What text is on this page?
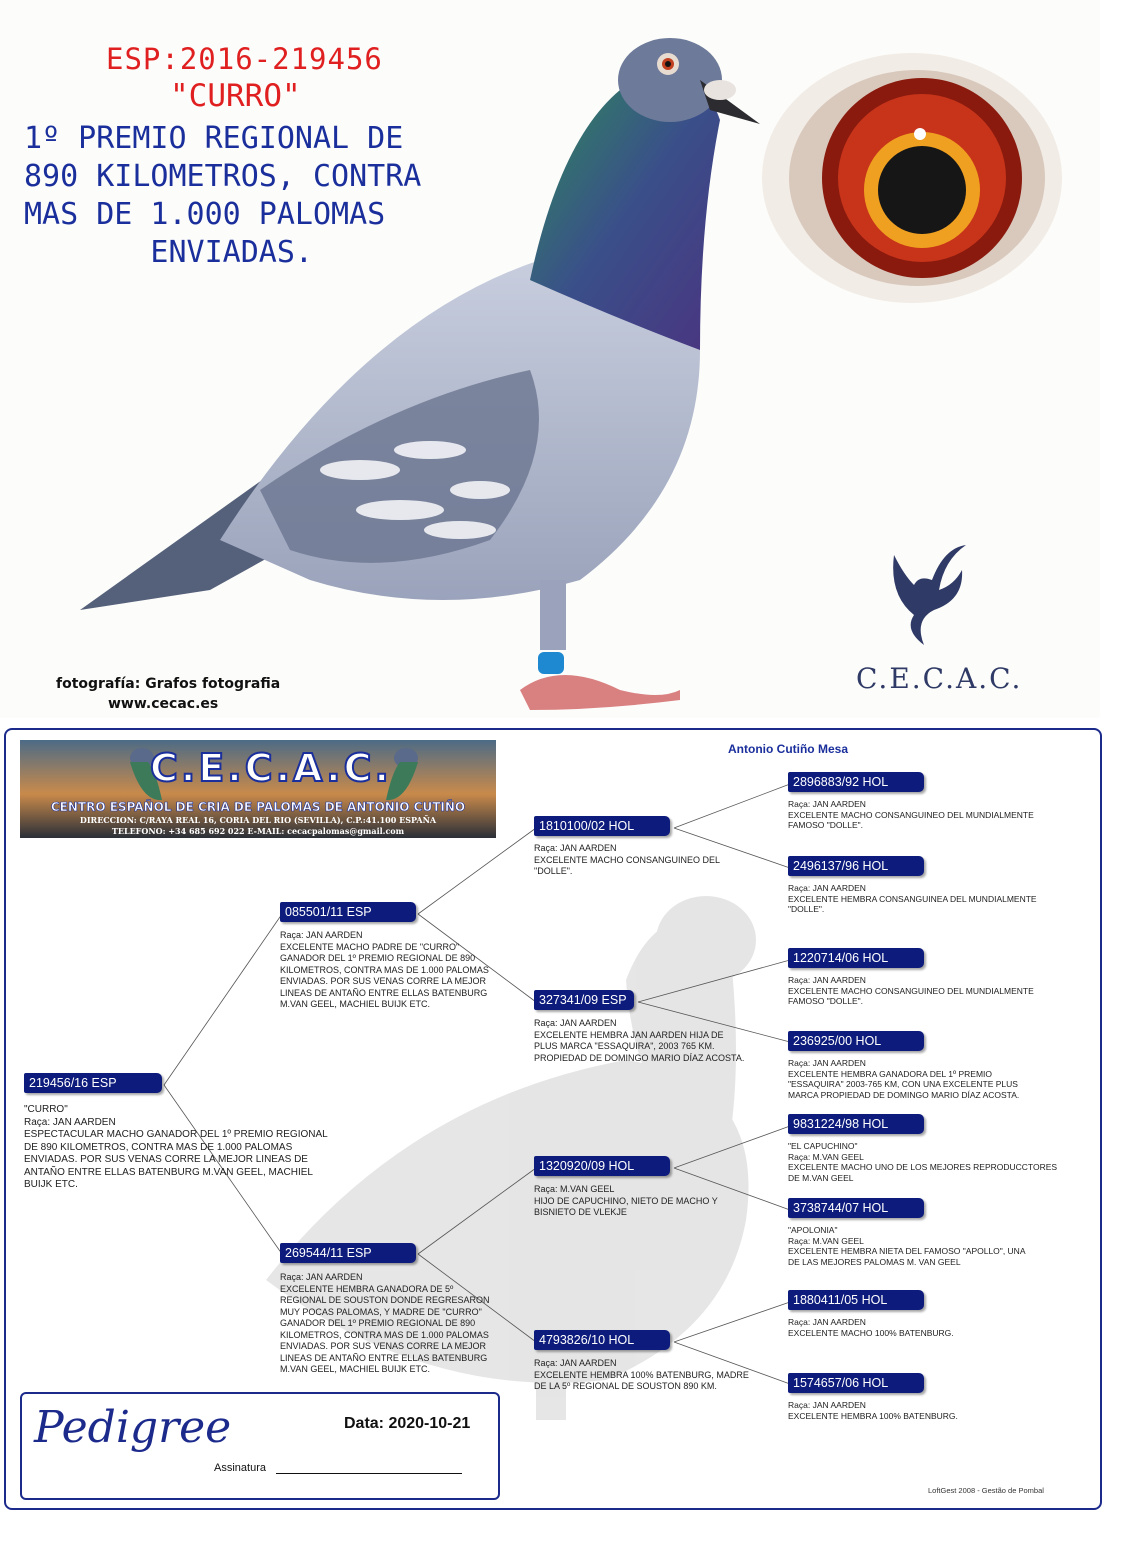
ESP:2016-219456
"CURRO"
1º PREMIO REGIONAL DE
890 KILOMETROS, CONTRA
MAS DE 1.000 PALOMAS
ENVIADAS.
fotografía: Grafos fotografia
www.cecac.es
C.E.C.A.C.
C.E.C.A.C.
CENTRO ESPAÑOL DE CRIA DE PALOMAS DE ANTONIO CUTIÑO
DIRECCION: C/RAYA REAL 16, CORIA DEL RIO (SEVILLA), C.P.:41.100 ESPAÑA
TELEFONO: +34 685 692 022 E-MAIL: cecacpalomas@gmail.com
Antonio Cutiño Mesa
219456/16 ESP
"CURRO"
Raça: JAN AARDEN
ESPECTACULAR MACHO GANADOR DEL 1º PREMIO REGIONAL
DE 890 KILOMETROS, CONTRA MAS DE 1.000 PALOMAS
ENVIADAS. POR SUS VENAS CORRE LA MEJOR LINEAS DE
ANTAÑO ENTRE ELLAS BATENBURG M.VAN GEEL, MACHIEL
BUIJK ETC.
085501/11 ESP
Raça: JAN AARDEN
EXCELENTE MACHO PADRE DE "CURRO"
GANADOR DEL 1º PREMIO REGIONAL DE 890
KILOMETROS, CONTRA MAS DE 1.000 PALOMAS
ENVIADAS. POR SUS VENAS CORRE LA MEJOR
LINEAS DE ANTAÑO ENTRE ELLAS BATENBURG
M.VAN GEEL, MACHIEL BUIJK ETC.
269544/11 ESP
Raça: JAN AARDEN
EXCELENTE HEMBRA GANADORA DE 5º
REGIONAL DE SOUSTON DONDE REGRESARON
MUY POCAS PALOMAS, Y MADRE DE "CURRO"
GANADOR DEL 1º PREMIO REGIONAL DE 890
KILOMETROS, CONTRA MAS DE 1.000 PALOMAS
ENVIADAS. POR SUS VENAS CORRE LA MEJOR
LINEAS DE ANTAÑO ENTRE ELLAS BATENBURG
M.VAN GEEL, MACHIEL BUIJK ETC.
1810100/02 HOL
Raça: JAN AARDEN
EXCELENTE MACHO CONSANGUINEO DEL
"DOLLE".
327341/09 ESP
Raça: JAN AARDEN
EXCELENTE HEMBRA JAN AARDEN HIJA DE
PLUS MARCA "ESSAQUIRA", 2003 765 KM.
PROPIEDAD DE DOMINGO MARIO DÍAZ ACOSTA.
1320920/09 HOL
Raça: M.VAN GEEL
HIJO DE CAPUCHINO, NIETO DE MACHO Y
BISNIETO DE VLEKJE
4793826/10 HOL
Raça: JAN AARDEN
EXCELENTE HEMBRA 100% BATENBURG, MADRE
DE LA 5º REGIONAL DE SOUSTON 890 KM.
2896883/92 HOL
Raça: JAN AARDEN
EXCELENTE MACHO CONSANGUINEO DEL MUNDIALMENTE
FAMOSO "DOLLE".
2496137/96 HOL
Raça: JAN AARDEN
EXCELENTE HEMBRA CONSANGUINEA DEL MUNDIALMENTE
"DOLLE".
1220714/06 HOL
Raça: JAN AARDEN
EXCELENTE MACHO CONSANGUINEO DEL MUNDIALMENTE
FAMOSO "DOLLE".
236925/00 HOL
Raça: JAN AARDEN
EXCELENTE HEMBRA GANADORA DEL 1º PREMIO
"ESSAQUIRA" 2003-765 KM, CON UNA EXCELENTE PLUS
MARCA PROPIEDAD DE DOMINGO MARIO DÍAZ ACOSTA.
9831224/98 HOL
"EL CAPUCHINO"
Raça: M.VAN GEEL
EXCELENTE MACHO UNO DE LOS MEJORES REPRODUCCTORES
DE M.VAN GEEL
3738744/07 HOL
"APOLONIA"
Raça: M.VAN GEEL
EXCELENTE HEMBRA NIETA DEL FAMOSO "APOLLO", UNA
DE LAS MEJORES PALOMAS M. VAN GEEL
1880411/05 HOL
Raça: JAN AARDEN
EXCELENTE MACHO 100% BATENBURG.
1574657/06 HOL
Raça: JAN AARDEN
EXCELENTE HEMBRA 100% BATENBURG.
Pedigree	Data: 2020-10-21
Assinatura
LoftGest 2008 - Gestão de Pombal
